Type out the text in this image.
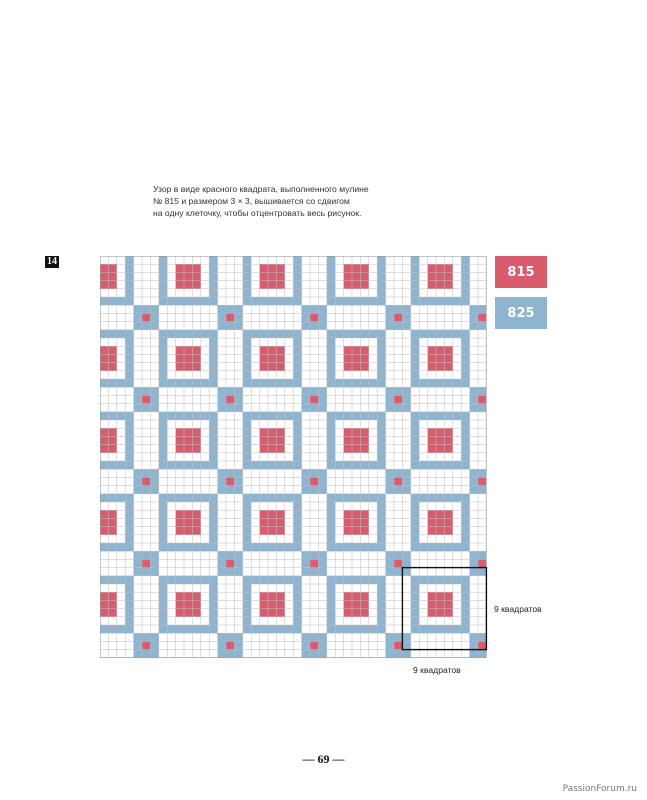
Узор в виде красного квадрата, выполненного мулине
№ 815 и размером 3 × 3, вышивается со сдвигом
на одну клеточку, чтобы отцентровать весь рисунок.
14
815
825
9 квадратов
9 квадратов
— 69 —
PassionForum.ru
